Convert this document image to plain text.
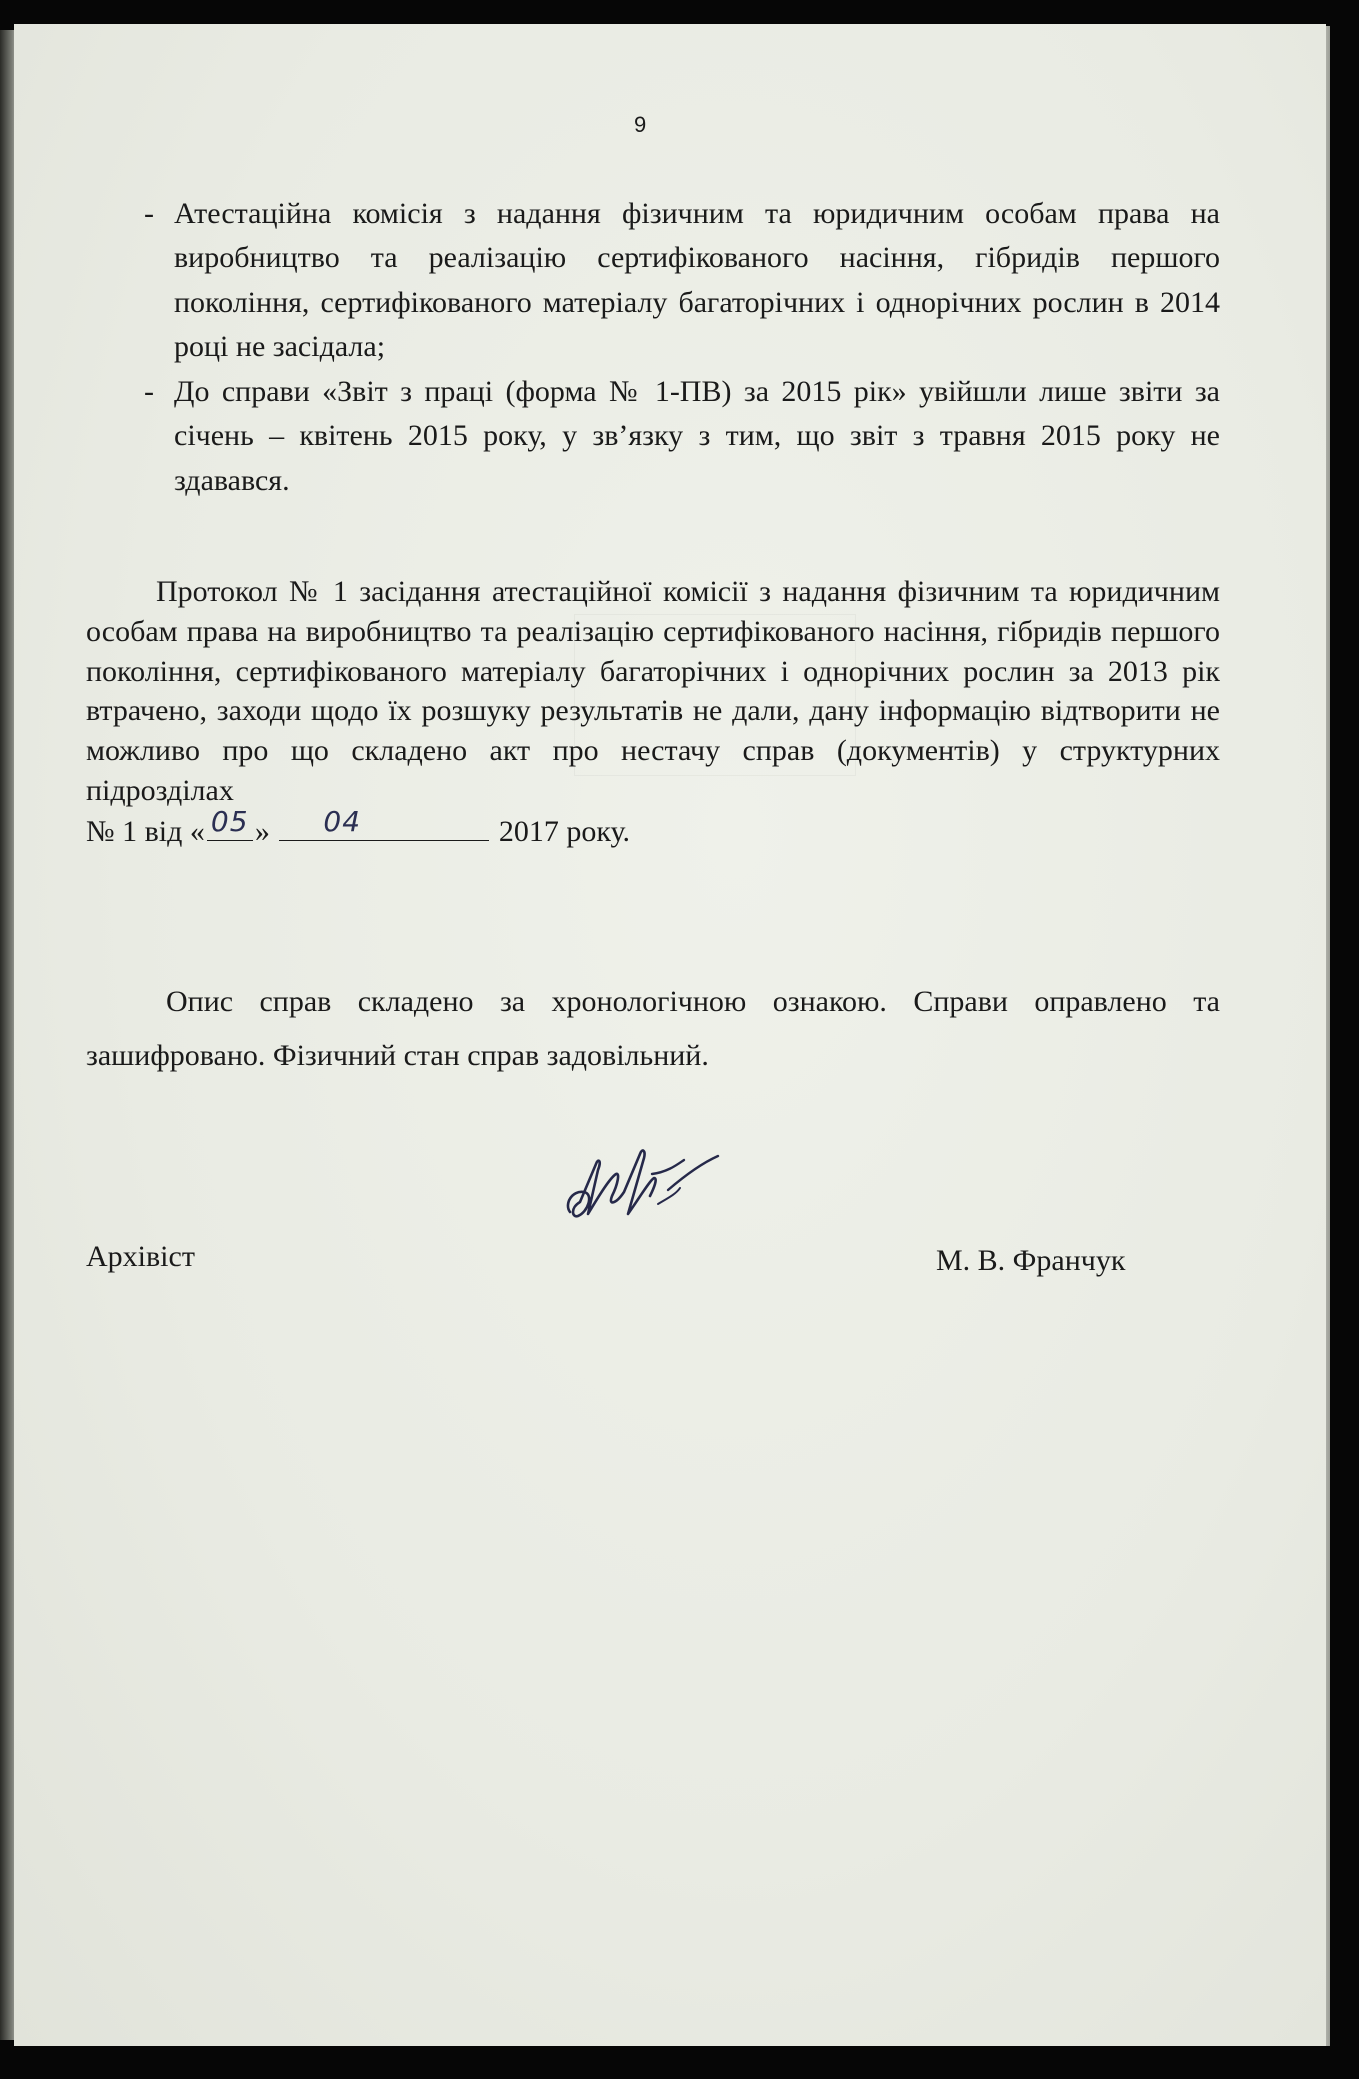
9
- Атестаційна комісія з надання фізичним та юридичним особам права на виробництво та реалізацію сертифікованого насіння, гібридів першого покоління, сертифікованого матеріалу багаторічних і однорічних рослин в 2014 році не засідала;
- До справи «Звіт з праці (форма № 1-ПВ) за 2015 рік» увійшли лише звіти за січень – квітень 2015 року, у зв’язку з тим, що звіт з травня 2015 року не здавався.
Протокол № 1 засідання атестаційної комісії з надання фізичним та юридичним особам права на виробництво та реалізацію сертифікованого насіння, гібридів першого покоління, сертифікованого матеріалу багаторічних і однорічних рослин за 2013 рік втрачено, заходи щодо їх розшуку результатів не дали, дану інформацію відтворити не можливо про що складено акт про нестачу справ (документів) у структурних підрозділах
№ 1 від « 05 » 04	2017 року.
Опис справ складено за хронологічною ознакою. Справи оправлено та зашифровано. Фізичний стан справ задовільний.
Архівіст	М. В. Франчук
